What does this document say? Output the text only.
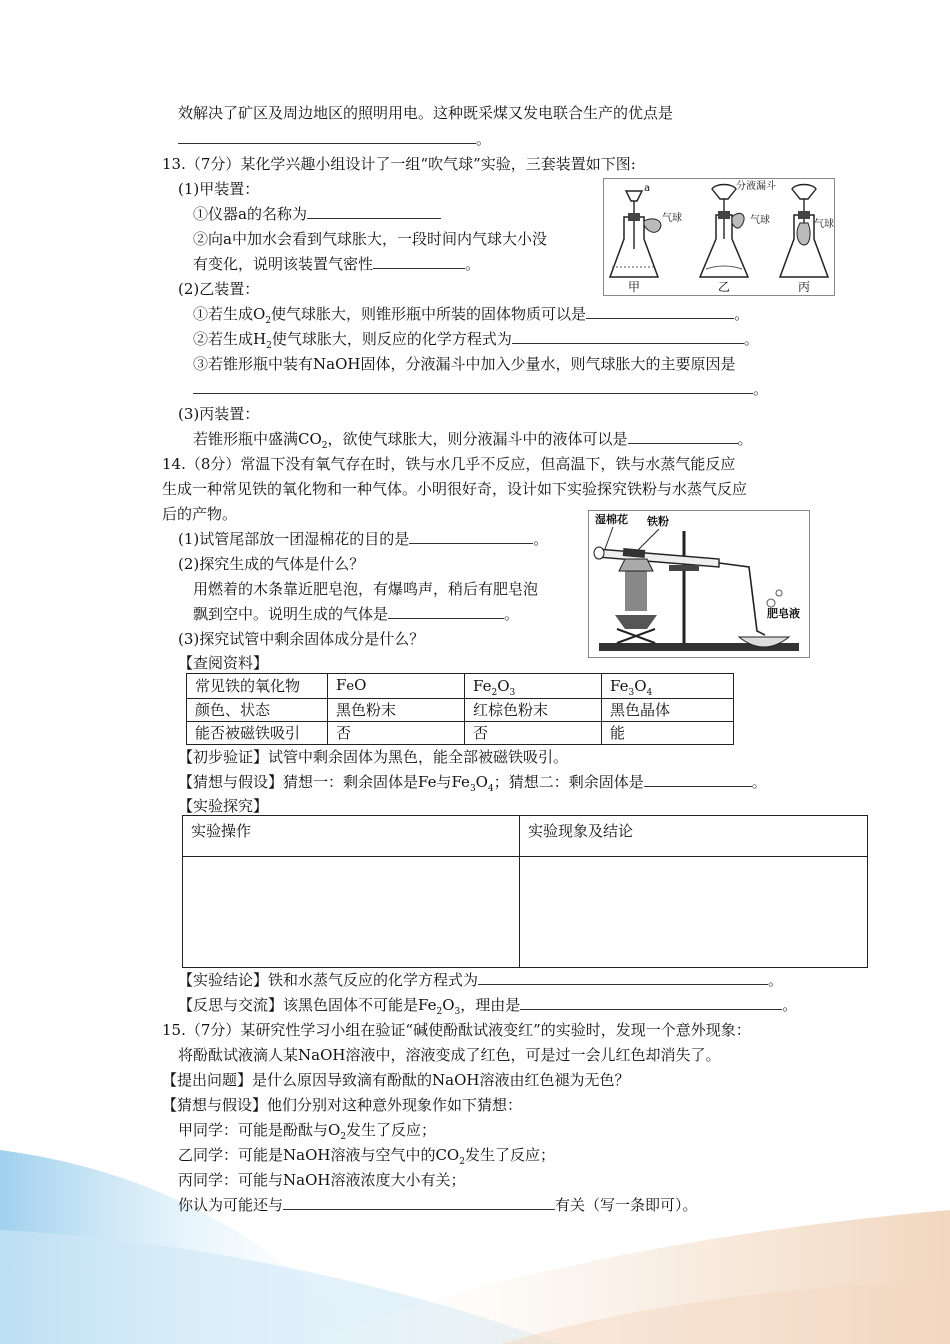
效解决了矿区及周边地区的照明用电。这种既采煤又发电联合生产的优点是
。
13.（7分）某化学兴趣小组设计了一组“吹气球”实验，三套装置如下图:
(1)甲装置：
①仪器a的名称为
②向a中加水会看到气球胀大，一段时间内气球大小没
有变化，说明该装置气密性	。
a
气球
分液漏斗
气球	气球
甲	乙	丙
(2)乙装置：
①若生成$O_2$使气球胀大，则锥形瓶中所装的固体物质可以是	。
②若生成$H_2$使气球胀大，则反应的化学方程式为	。
③若锥形瓶中装有NaOH固体，分液漏斗中加入少量水，则气球胀大的主要原因是
。
(3)丙装置：
若锥形瓶中盛满$CO_2$，欲使气球胀大，则分液漏斗中的液体可以是	。
14.（8分）常温下没有氧气存在时，铁与水几乎不反应，但高温下，铁与水蒸气能反应
生成一种常见铁的氧化物和一种气体。小明很好奇，设计如下实验探究铁粉与水蒸气反应
后的产物。
(1)试管尾部放一团湿棉花的目的是	。
(2)探究生成的气体是什么？
用燃着的木条靠近肥皂泡，有爆鸣声，稍后有肥皂泡
飘到空中。说明生成的气体是	。
湿棉花 铁粉
肥皂液
(3)探究试管中剩余固体成分是什么？
【查阅资料】
常见铁的氧化物	FeO	$Fe_2O_3$	$Fe_3O_4$
颜色、状态	黑色粉末	红棕色粉末	黑色晶体
能否被磁铁吸引	否	否	能
【初步验证】试管中剩余固体为黑色，能全部被磁铁吸引。
【猜想与假设】猜想一：剩余固体是Fe与$Fe_3O_4$；猜想二：剩余固体是	。
【实验探究】
实验操作	实验现象及结论

【实验结论】铁和水蒸气反应的化学方程式为	。
【反思与交流】该黑色固体不可能是$Fe_2O_3$，理由是	。
15.（7分）某研究性学习小组在验证“碱使酚酞试液变红”的实验时，发现一个意外现象：
将酚酞试液滴人某NaOH溶液中，溶液变成了红色，可是过一会儿红色却消失了。
【提出问题】是什么原因导致滴有酚酞的NaOH溶液由红色褪为无色？
【猜想与假设】他们分别对这种意外现象作如下猜想：
甲同学：可能是酚酞与$O_2$发生了反应；
乙同学：可能是NaOH溶液与空气中的$CO_2$发生了反应；
丙同学：可能与NaOH溶液浓度大小有关；
你认为可能还与	有关（写一条即可）。
